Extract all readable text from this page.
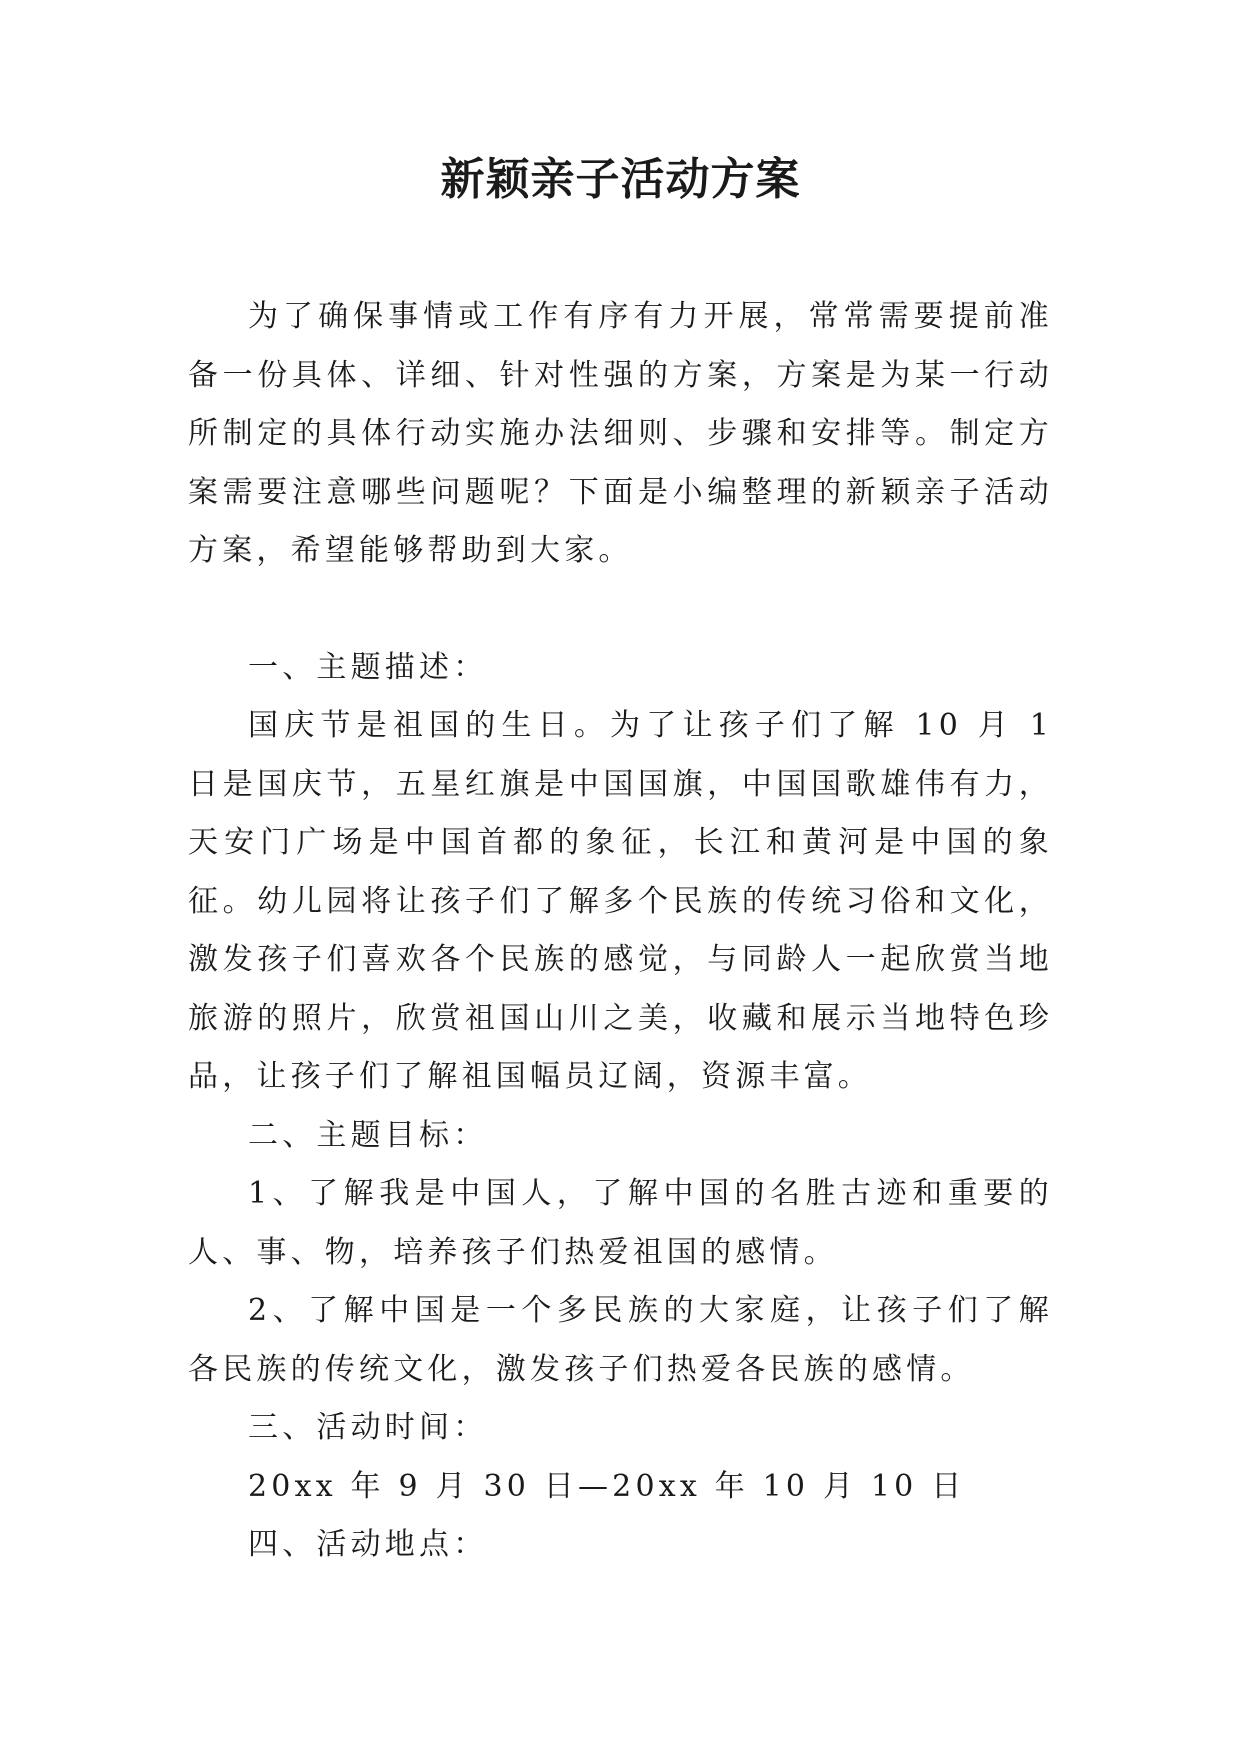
新颖亲子活动方案

为了确保事情或工作有序有力开展，常常需要提前准备一份具体、详细、针对性强的方案，方案是为某一行动所制定的具体行动实施办法细则、步骤和安排等。制定方案需要注意哪些问题呢？下面是小编整理的新颖亲子活动方案，希望能够帮助到大家。

一、主题描述：

国庆节是祖国的生日。为了让孩子们了解 10 月 1 日是国庆节，五星红旗是中国国旗，中国国歌雄伟有力，天安门广场是中国首都的象征，长江和黄河是中国的象征。幼儿园将让孩子们了解多个民族的传统习俗和文化，激发孩子们喜欢各个民族的感觉，与同龄人一起欣赏当地旅游的照片，欣赏祖国山川之美，收藏和展示当地特色珍品，让孩子们了解祖国幅员辽阔，资源丰富。

二、主题目标：

1、了解我是中国人，了解中国的名胜古迹和重要的人、事、物，培养孩子们热爱祖国的感情。

2、了解中国是一个多民族的大家庭，让孩子们了解各民族的传统文化，激发孩子们热爱各民族的感情。

三、活动时间：

20xx 年 9 月 30 日—20xx 年 10 月 10 日

四、活动地点：
